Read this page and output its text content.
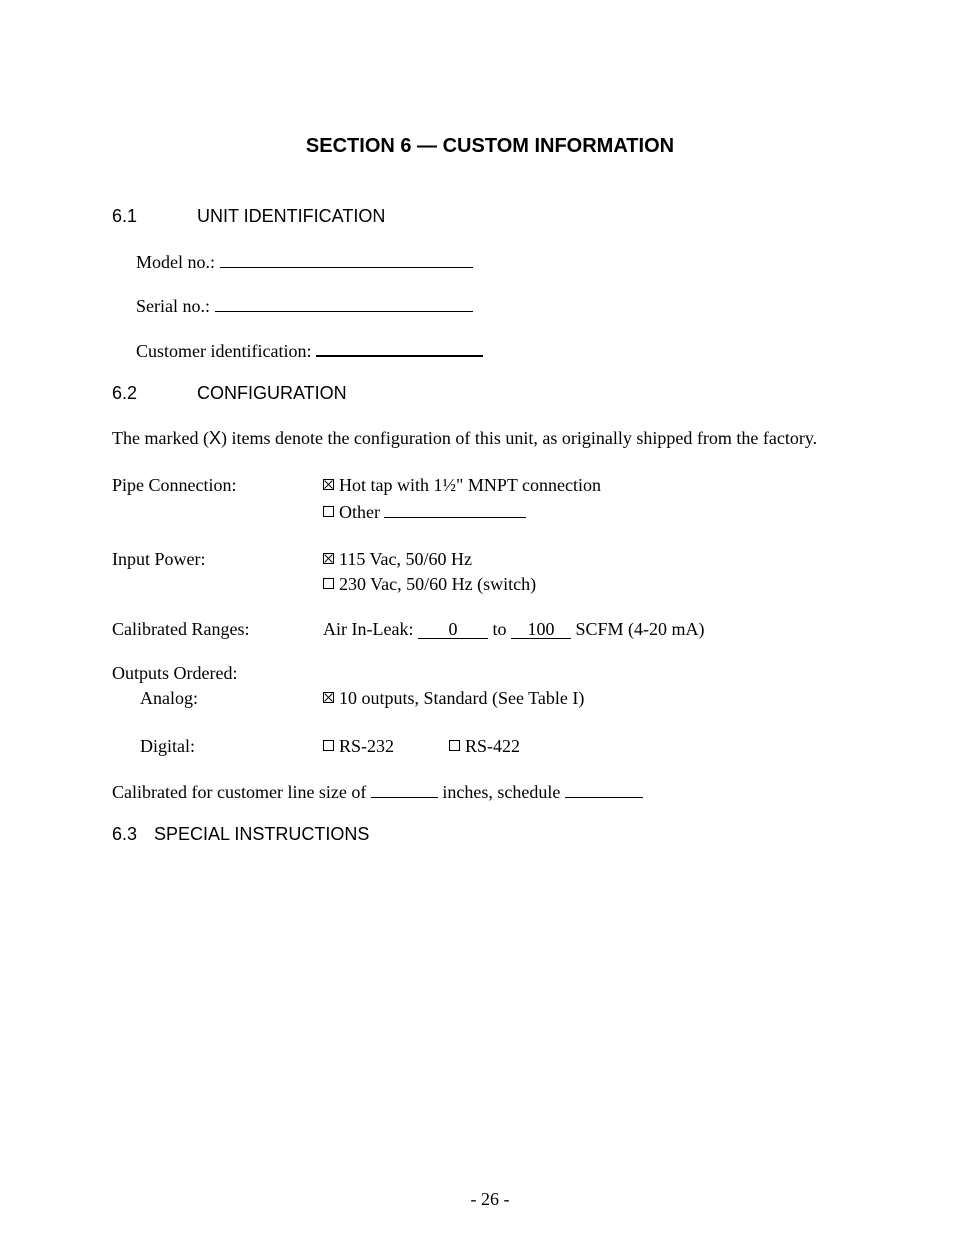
SECTION 6 — CUSTOM INFORMATION
6.1	UNIT IDENTIFICATION
Model no.:
Serial no.:
Customer identification:
6.2	CONFIGURATION
The marked (X) items denote the configuration of this unit, as originally shipped from the factory.
Pipe Connection:	Hot tap with 1½" MNPT connection
Other
Input Power:	115 Vac, 50/60 Hz
230 Vac, 50/60 Hz (switch)
Calibrated Ranges:	Air In-Leak: 0 to 100 SCFM (4-20 mA)
Outputs Ordered:
Analog:	10 outputs, Standard (See Table I)
Digital:	RS-232	RS-422
Calibrated for customer line size of	inches, schedule
6.3 SPECIAL INSTRUCTIONS
- 26 -
